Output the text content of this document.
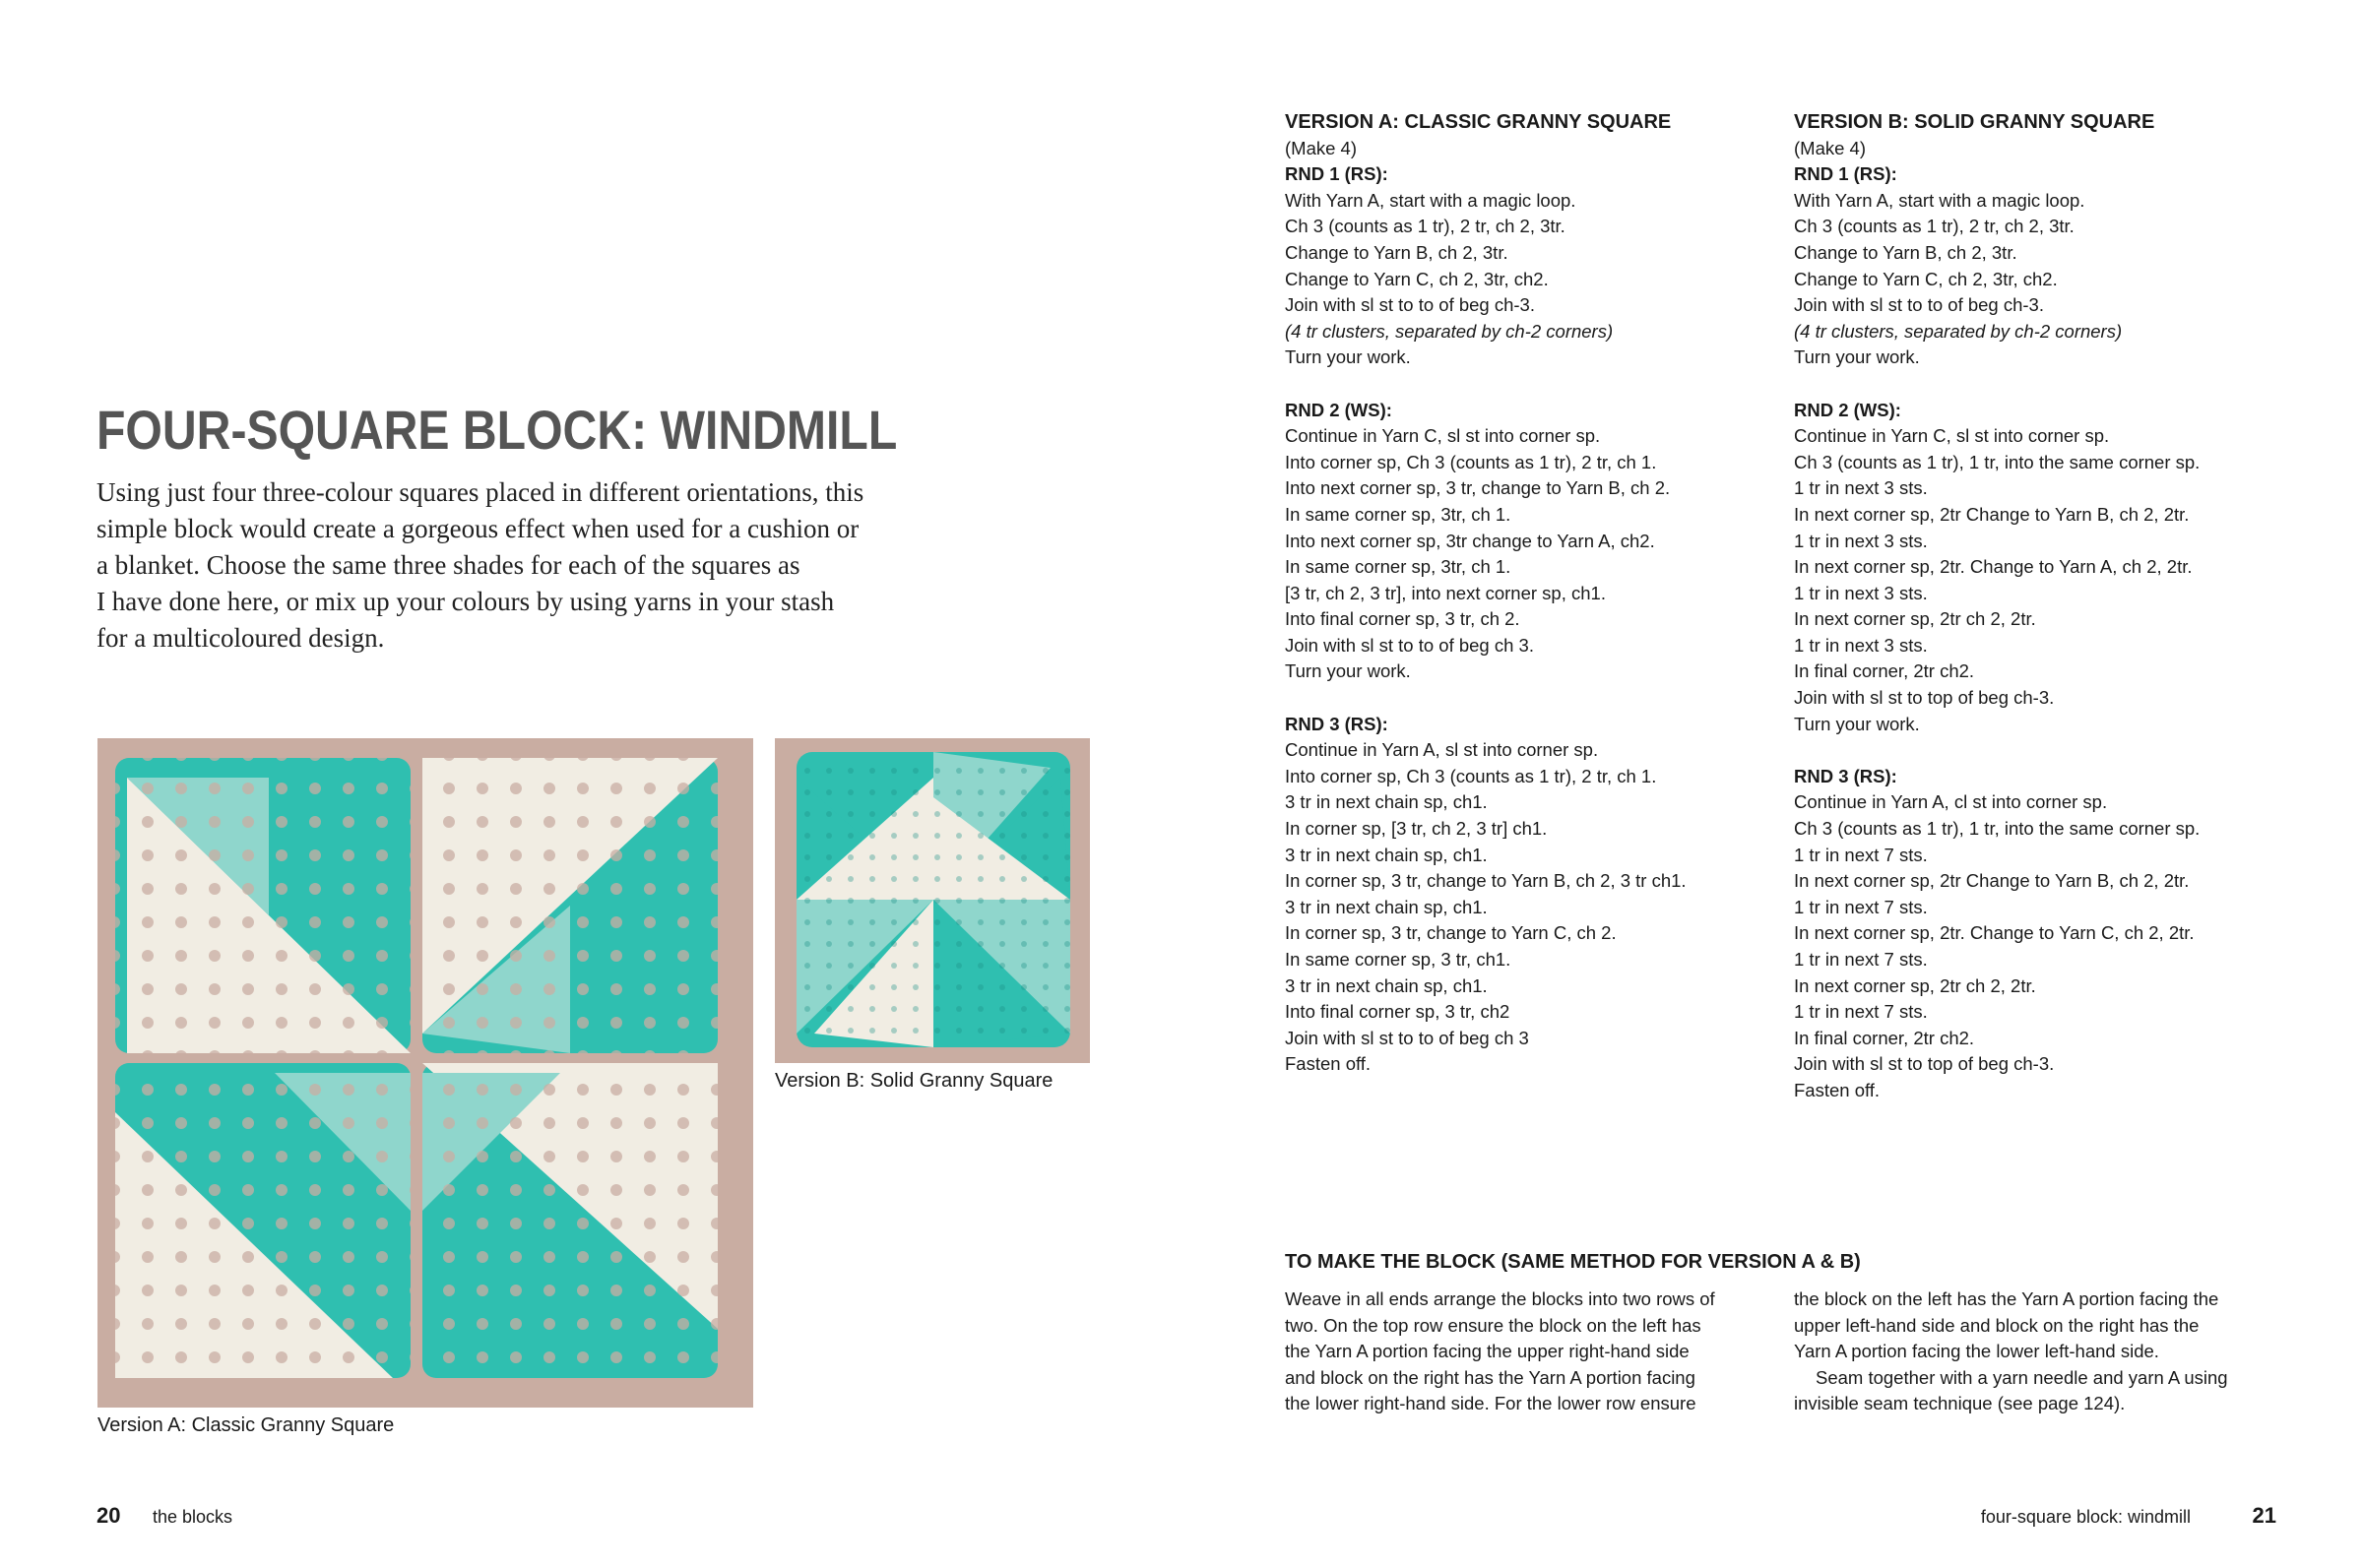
FOUR-SQUARE BLOCK: WINDMILL
Using just four three-colour squares placed in different orientations, this
simple block would create a gorgeous effect when used for a cushion or
a blanket. Choose the same three shades for each of the squares as
I have done here, or mix up your colours by using yarns in your stash
for a multicoloured design.
Version A: Classic Granny Square
Version B: Solid Granny Square
20 the blocks
VERSION A: CLASSIC GRANNY SQUARE
(Make 4)
RND 1 (RS):
With Yarn A, start with a magic loop.
Ch 3 (counts as 1 tr), 2 tr, ch 2, 3tr.
Change to Yarn B, ch 2, 3tr.
Change to Yarn C, ch 2, 3tr, ch2.
Join with sl st to to of beg ch-3.
(4 tr clusters, separated by ch-2 corners)
Turn your work.
RND 2 (WS):
Continue in Yarn C, sl st into corner sp.
Into corner sp, Ch 3 (counts as 1 tr), 2 tr, ch 1.
Into next corner sp, 3 tr, change to Yarn B, ch 2.
In same corner sp, 3tr, ch 1.
Into next corner sp, 3tr change to Yarn A, ch2.
In same corner sp, 3tr, ch 1.
[3 tr, ch 2, 3 tr], into next corner sp, ch1.
Into final corner sp, 3 tr, ch 2.
Join with sl st to to of beg ch 3.
Turn your work.
RND 3 (RS):
Continue in Yarn A, sl st into corner sp.
Into corner sp, Ch 3 (counts as 1 tr), 2 tr, ch 1.
3 tr in next chain sp, ch1.
In corner sp, [3 tr, ch 2, 3 tr] ch1.
3 tr in next chain sp, ch1.
In corner sp, 3 tr, change to Yarn B, ch 2, 3 tr ch1.
3 tr in next chain sp, ch1.
In corner sp, 3 tr, change to Yarn C, ch 2.
In same corner sp, 3 tr, ch1.
3 tr in next chain sp, ch1.
Into final corner sp, 3 tr, ch2
Join with sl st to to of beg ch 3
Fasten off.
VERSION B: SOLID GRANNY SQUARE
(Make 4)
RND 1 (RS):
With Yarn A, start with a magic loop.
Ch 3 (counts as 1 tr), 2 tr, ch 2, 3tr.
Change to Yarn B, ch 2, 3tr.
Change to Yarn C, ch 2, 3tr, ch2.
Join with sl st to to of beg ch-3.
(4 tr clusters, separated by ch-2 corners)
Turn your work.
RND 2 (WS):
Continue in Yarn C, sl st into corner sp.
Ch 3 (counts as 1 tr), 1 tr, into the same corner sp.
1 tr in next 3 sts.
In next corner sp, 2tr Change to Yarn B, ch 2, 2tr.
1 tr in next 3 sts.
In next corner sp, 2tr. Change to Yarn A, ch 2, 2tr.
1 tr in next 3 sts.
In next corner sp, 2tr ch 2, 2tr.
1 tr in next 3 sts.
In final corner, 2tr ch2.
Join with sl st to top of beg ch-3.
Turn your work.
RND 3 (RS):
Continue in Yarn A, cl st into corner sp.
Ch 3 (counts as 1 tr), 1 tr, into the same corner sp.
1 tr in next 7 sts.
In next corner sp, 2tr Change to Yarn B, ch 2, 2tr.
1 tr in next 7 sts.
In next corner sp, 2tr. Change to Yarn C, ch 2, 2tr.
1 tr in next 7 sts.
In next corner sp, 2tr ch 2, 2tr.
1 tr in next 7 sts.
In final corner, 2tr ch2.
Join with sl st to top of beg ch-3.
Fasten off.
TO MAKE THE BLOCK (SAME METHOD FOR VERSION A & B)
Weave in all ends arrange the blocks into two rows of
two. On the top row ensure the block on the left has
the Yarn A portion facing the upper right-hand side
and block on the right has the Yarn A portion facing
the lower right-hand side. For the lower row ensure
the block on the left has the Yarn A portion facing the
upper left-hand side and block on the right has the
Yarn A portion facing the lower left-hand side.
Seam together with a yarn needle and yarn A using
invisible seam technique (see page 124).
four-square block: windmill	21
